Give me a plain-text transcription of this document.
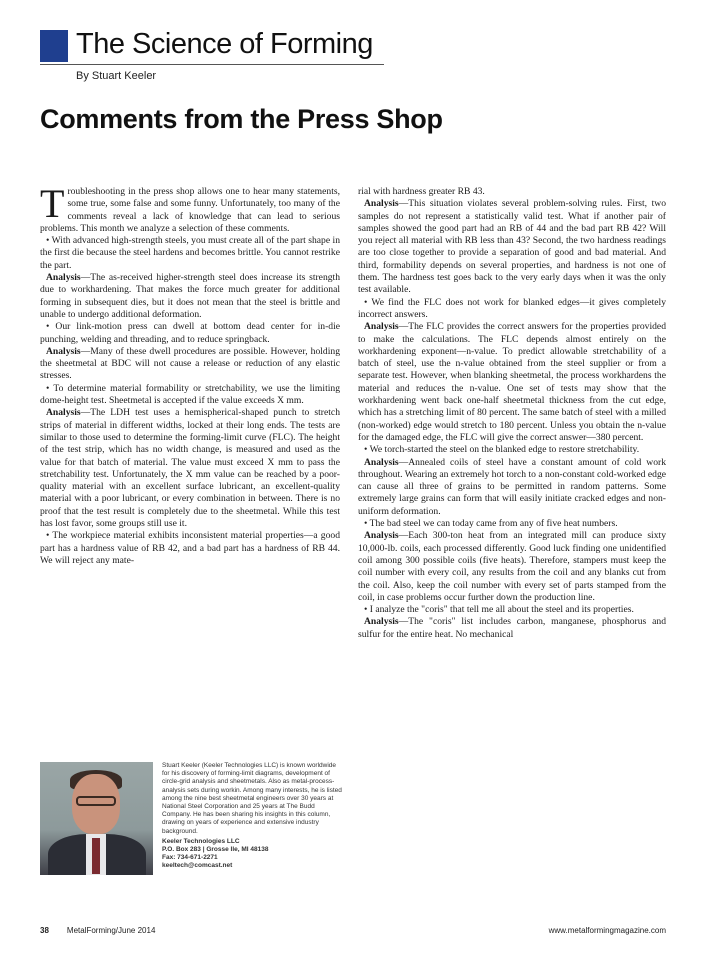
The Science of Forming
By Stuart Keeler
Comments from the Press Shop

Troubleshooting in the press shop allows one to hear many statements, some true, some false and some funny. Unfortunately, too many of the comments reveal a lack of knowledge that can lead to serious problems. This month we analyze a selection of these comments.

• With advanced high-strength steels, you must create all of the part shape in the first die because the steel hardens and becomes brittle. You cannot restrike the part.

Analysis—The as-received higher-strength steel does increase its strength due to workhardening. That makes the force much greater for additional forming in subsequent dies, but it does not mean that the steel is brittle and unable to undergo additional deformation.

• Our link-motion press can dwell at bottom dead center for in-die punching, welding and threading, and to reduce springback.

Analysis—Many of these dwell procedures are possible. However, holding the sheetmetal at BDC will not cause a release or reduction of any elastic stresses.

• To determine material formability or stretchability, we use the limiting dome-height test. Sheetmetal is accepted if the value exceeds X mm.

Analysis—The LDH test uses a hemispherical-shaped punch to stretch strips of material in different widths, locked at their long ends. The tests are similar to those used to determine the forming-limit curve (FLC). The height of the test strip, which has no width change, is measured and used as the value for that batch of material. The value must exceed X mm to pass the stretchability test. Unfortunately, the X mm value can be reached by a poor-quality material with an excellent surface lubricant, an excellent-quality material with a poor lubricant, or every combination in between. There is no proof that the test result is completely due to the sheetmetal. While this test has lost favor, some groups still use it.

• The workpiece material exhibits inconsistent material properties—a good part has a hardness value of RB 42, and a bad part has a hardness of RB 44. We will reject any mate-

rial with hardness greater RB 43.

Analysis—This situation violates several problem-solving rules. First, two samples do not represent a statistically valid test. What if another pair of samples showed the good part had an RB of 44 and the bad part RB 42? Will you reject all material with RB less than 43? Second, the two hardness readings are too close together to provide a separation of good and bad material. And third, formability depends on several properties, and hardness is not one of them. The hardness test goes back to the very early days when it was the only test available.

• We find the FLC does not work for blanked edges—it gives completely incorrect answers.

Analysis—The FLC provides the correct answers for the properties provided to make the calculations. The FLC depends almost entirely on the workhardening exponent—n-value. To predict allowable stretchability of a batch of steel, use the n-value obtained from the steel supplier or from a separate test. However, when blanking sheetmetal, the process workhardens the material and reduces the n-value. One set of tests may show that the workhardening went back one-half sheetmetal thickness from the cut edge, which has a stretching limit of 80 percent. The same batch of steel with a milled (non-worked) edge would stretch to 180 percent. Unless you obtain the n-value for the damaged edge, the FLC will give the correct answer—380 percent.

• We torch-started the steel on the blanked edge to restore stretchability.

Analysis—Annealed coils of steel have a constant amount of cold work throughout. Wearing an extremely hot torch to a non-constant cold-worked edge can cause all three of grains to be permitted in random patterns. Some extremely large grains can form that will easily initiate cracked edges and non-uniform deformation.

• The bad steel we can today came from any of five heat numbers.

Analysis—Each 300-ton heat from an integrated mill can produce sixty 10,000-lb. coils, each processed differently. Good luck finding one unidentified coil among 300 possible coils (five heats). Therefore, stampers must keep the coil number with every coil, any results from the coil and any blanks cut from the coil. Also, keep the coil number with every set of parts stamped from the coil, in case problems occur further down the production line.

• I analyze the "coris" that tell me all about the steel and its properties.

Analysis—The "coris" list includes carbon, manganese, phosphorus and sulfur for the entire heat. No mechanical

Stuart Keeler (Keeler Technologies LLC) is known worldwide for his discovery of forming-limit diagrams, development of circle-grid analysis and sheetmetals. Also as metal-process-analysis sets during workin. Among many interests, he is listed among the nine best sheetmetal engineers over 30 years at National Steel Corporation and 25 years at The Budd Company. He has been sharing his insights in this column, drawing on years of experience and extensive industry background.

Keeler Technologies LLC
P.O. Box 283 | Grosse Ile, MI 48138
Fax: 734-671-2271
keeltech@comcast.net
38 MetalForming/June 2014	www.metalformingmagazine.com
